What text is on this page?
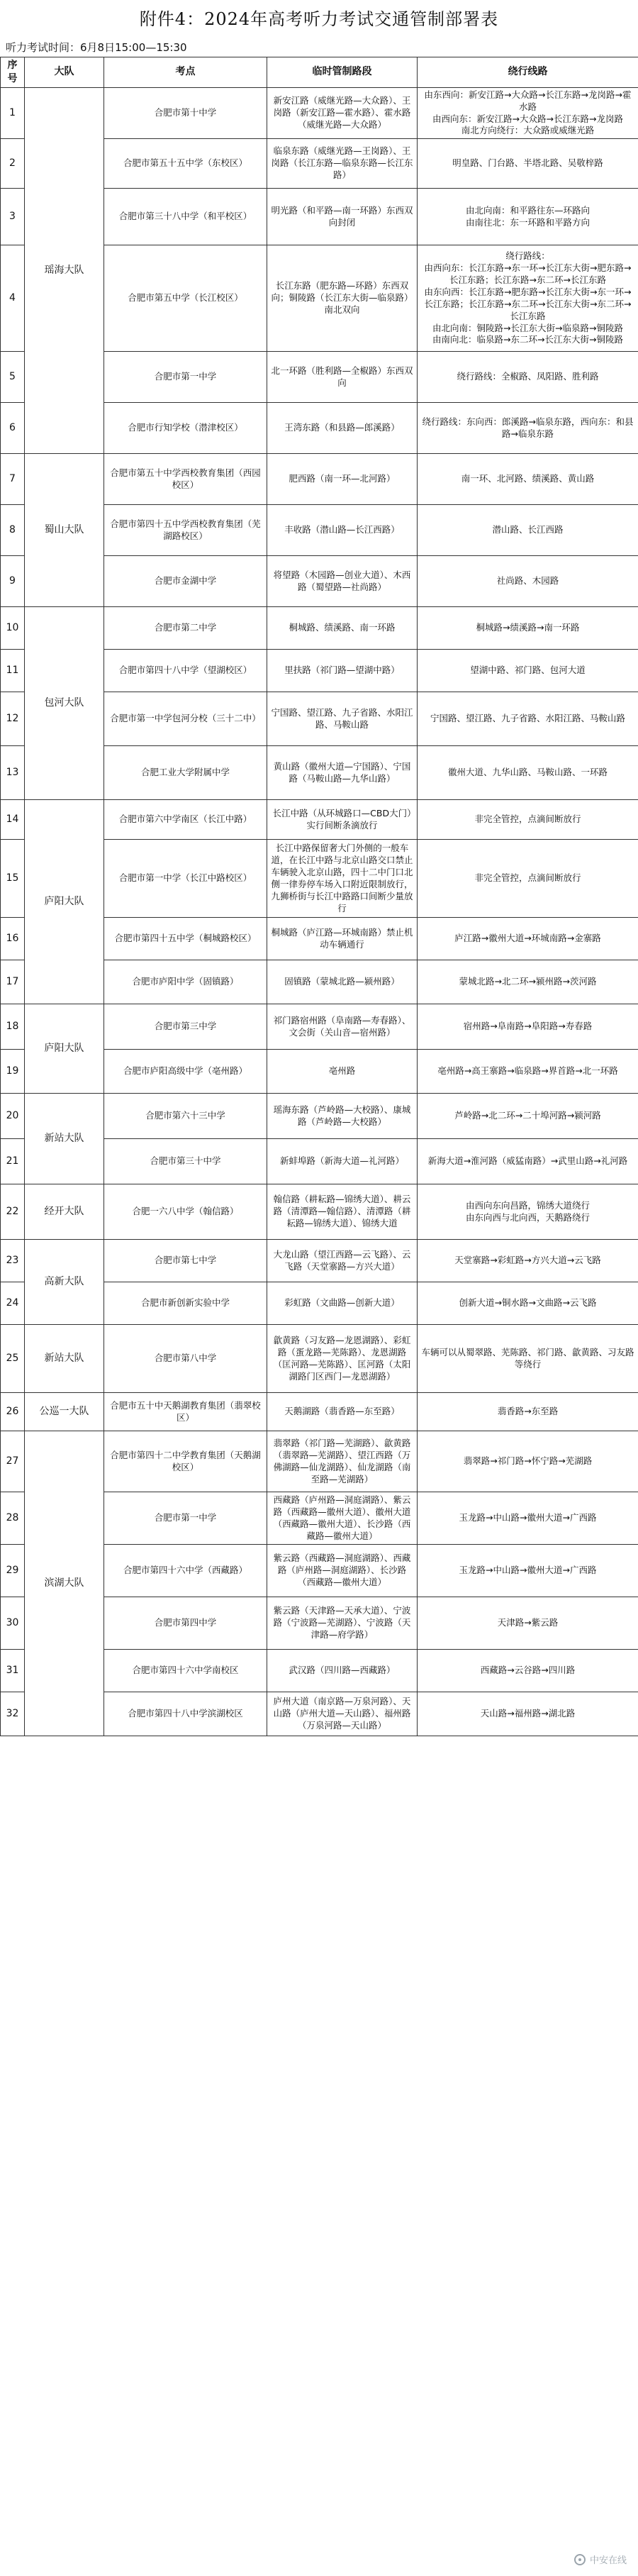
附件4：2024年高考听力考试交通管制部署表
听力考试时间：6月8日15:00—15:30
序号	大队	考点	临时管制路段	绕行线路
1	瑶海大队	合肥市第十中学	新安江路（威继光路—大众路）、王岗路（新安江路—霍水路）、霍水路（威继光路—大众路）	由东西向：新安江路→大众路→长江东路→龙岗路→霍水路
由西向东：新安江路→大众路→长江东路→龙岗路
南北方向绕行：大众路或威继光路
2		合肥市第五十五中学（东校区）	临泉东路（威继光路—王岗路）、王岗路（长江东路—临泉东路—长江东路）	明皇路、门台路、半塔北路、吴敬梓路
3		合肥市第三十八中学（和平校区）	明光路（和平路—南一环路）东西双向封闭	由北向南：和平路往东—环路向
由南往北：东一环路和平路方向
4		合肥市第五中学（长江校区）	长江东路（肥东路—环路）东西双向；铜陵路（长江东大街—临泉路）南北双向	绕行路线：
由西向东：长江东路→东一环→长江东大街→肥东路→长江东路；长江东路→东二环→长江东路
由东向西：长江东路→肥东路→长江东大街→东一环→长江东路；长江东路→东二环→长江东大街→东二环→长江东路
由北向南：铜陵路→长江东大街→临泉路→铜陵路
由南向北：临泉路→东二环→长江东大街→铜陵路
5		合肥市第一中学	北一环路（胜利路—全椒路）东西双向	绕行路线：全椒路、凤阳路、胜利路
6		合肥市行知学校（潜津校区）	王湾东路（和县路—郎溪路）	绕行路线：东向西：郎溪路→临泉东路，西向东：和县路→临泉东路
7	蜀山大队	合肥市第五十中学西校教育集团（西园校区）	肥西路（南一环—北河路）	南一环、北河路、绩溪路、黄山路
8		合肥市第四十五中学西校教育集团（芜湖路校区）	丰收路（潜山路—长江西路）	潜山路、长江西路
9		合肥市金湖中学	将望路（木园路—创业大道）、木西路（蜀望路—社尚路）	社尚路、木园路
10	包河大队	合肥市第二中学	桐城路、绩溪路、南一环路	桐城路→绩溪路→南一环路
11		合肥市第四十八中学（望湖校区）	里扶路（祁门路—望湖中路）	望湖中路、祁门路、包河大道
12		合肥市第一中学包河分校（三十二中）	宁国路、望江路、九子省路、水阳江路、马鞍山路	宁国路、望江路、九子省路、水阳江路、马鞍山路
13		合肥工业大学附属中学	黄山路（徽州大道—宁国路）、宁国路（马鞍山路—九华山路）	徽州大道、九华山路、马鞍山路、一环路
14	庐阳大队	合肥市第六中学南区（长江中路）	长江中路（从环城路口—CBD大门）实行间断条滴放行	非完全管控，点滴间断放行
15		合肥市第一中学（长江中路校区）	长江中路保留奢大门外侧的一般车道，在长江中路与北京山路交口禁止车辆驶入北京山路，四十二中门口北侧一律券停车场入口附近限制放行，九狮桥街与长江中路路口间断少量放行	非完全管控，点滴间断放行
16		合肥市第四十五中学（桐城路校区）	桐城路（庐江路—环城南路）禁止机动车辆通行	庐江路→徽州大道→环城南路→金寨路
17		合肥市庐阳中学（固镇路）	固镇路（蒙城北路—颍州路）	蒙城北路→北二环→颍州路→茨河路
18	庐阳大队	合肥市第三中学	祁门路宿州路（阜南路—寿春路）、文会街（关山音—宿州路）	宿州路→阜南路→阜阳路→寿春路
19		合肥市庐阳高级中学（亳州路）	亳州路	亳州路→高王寨路→临泉路→界首路→北一环路
20	新站大队	合肥市第六十三中学	瑶海东路（芦岭路—大校路）、康城路（芦岭路—大校路）	芦岭路→北二环→二十埠河路→颍河路
21		合肥市第三十中学	新蚌埠路（新海大道—礼河路）	新海大道→淮河路（威猛南路）→武里山路→礼河路
22	经开大队	合肥一六八中学（翰信路）	翰信路（耕耘路—锦绣大道）、耕云路（清潭路—翰信路）、清潭路（耕耘路—锦绣大道）、锦绣大道	由西向东向昌路，锦绣大道绕行
由东向西与北向西，天鹅路绕行
23	高新大队	合肥市第七中学	大龙山路（望江西路—云飞路）、云飞路（天堂寨路—方兴大道）	天堂寨路→彩虹路→方兴大道→云飞路
24		合肥市新创新实验中学	彩虹路（文曲路—创新大道）	创新大道→铜水路→文曲路→云飞路
25	新站大队	合肥市第八中学	歙黄路（习友路—龙恩湖路）、彩虹路（蛋龙路—芜陈路）、龙恩湖路（匡河路—芜陈路）、匡河路（太阳湖路门区西门—龙恩湖路）	车辆可以从蜀翠路、芜陈路、祁门路、歙黄路、习友路等绕行
26	公巡一大队	合肥市五十中天鹅湖教育集团（翡翠校区）	天鹅湖路（翡香路—东至路）	翡香路→东至路
27	滨湖大队	合肥市第四十二中学教育集团（天鹅湖校区）	翡翠路（祁门路—芜湖路）、歙黄路（翡翠路—芜湖路）、望江西路（万佛湖路—仙龙湖路）、仙龙湖路（南至路—芜湖路）	翡翠路→祁门路→怀宁路→芜湖路
28		合肥市第一中学	西藏路（庐州路—洞庭湖路）、紫云路（西藏路—徽州大道）、徽州大道（西藏路—徽州大道）、长沙路（西藏路—徽州大道）	玉龙路→中山路→徽州大道→广西路
29		合肥市第四十六中学（西藏路）	紫云路（西藏路—洞庭湖路）、西藏路（庐州路—洞庭湖路）、长沙路（西藏路—徽州大道）	玉龙路→中山路→徽州大道→广西路
30		合肥市第四中学	紫云路（天津路—天承大道）、宁波路（宁波路—芜湖路）、宁波路（天津路—府学路）	天津路→紫云路
31		合肥市第四十六中学南校区	武汉路（四川路—西藏路）	西藏路→云谷路→四川路
32		合肥市第四十八中学滨湖校区	庐州大道（南京路—万泉河路）、天山路（庐州大道—天山路）、福州路（万泉河路—天山路）	天山路→福州路→湖北路
中安在线
